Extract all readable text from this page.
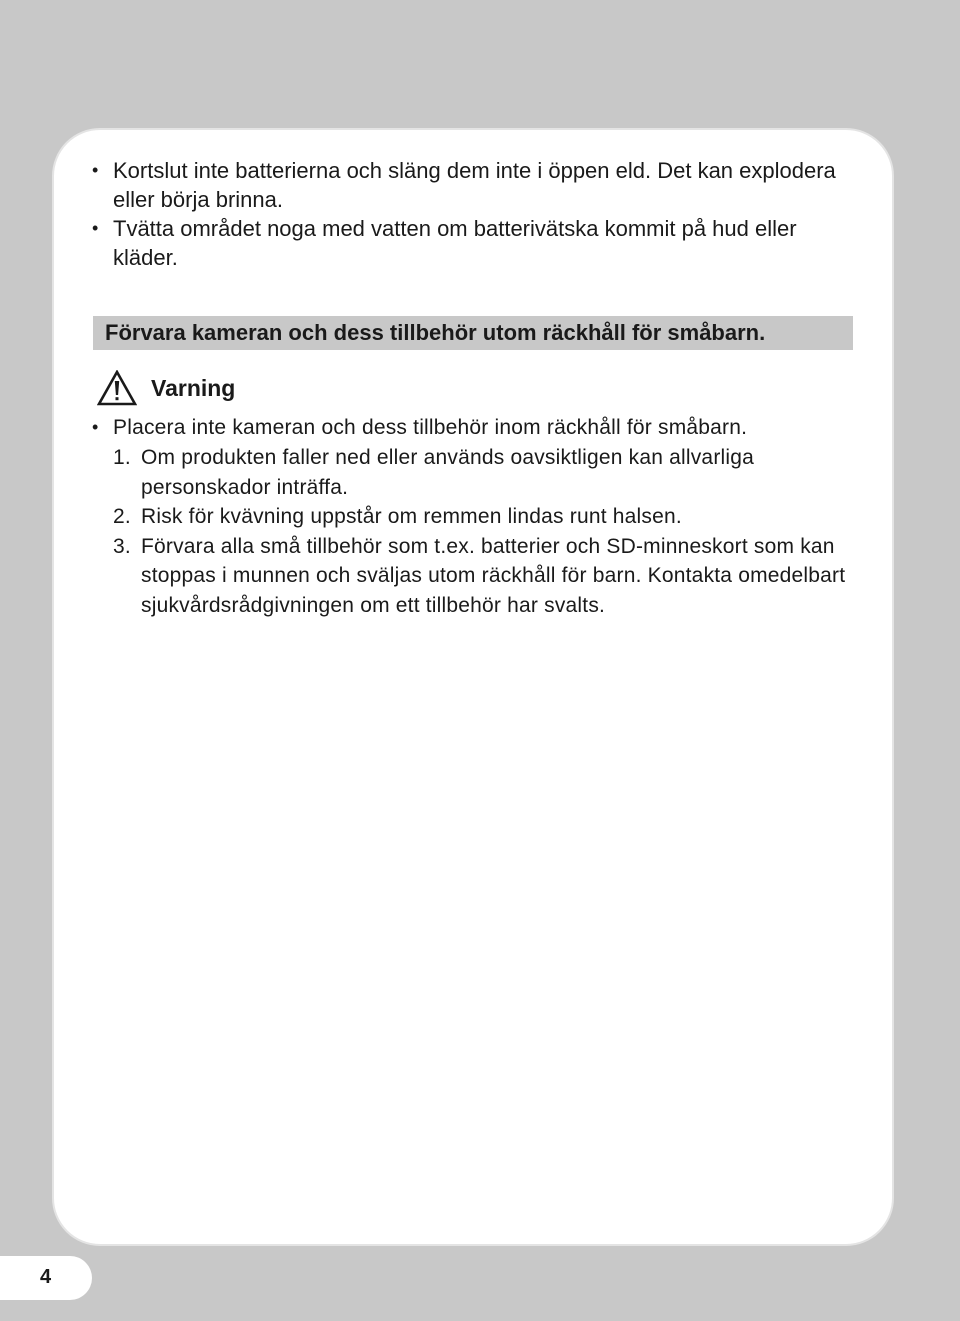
• Kortslut inte batterierna och släng dem inte i öppen eld. Det kan explodera eller börja brinna.
• Tvätta området noga med vatten om batterivätska kommit på hud eller kläder.
Förvara kameran och dess tillbehör utom räckhåll för småbarn.
Varning
• Placera inte kameran och dess tillbehör inom räckhåll för småbarn.
1. Om produkten faller ned eller används oavsiktligen kan allvarliga personskador inträffa.
2. Risk för kvävning uppstår om remmen lindas runt halsen.
3. Förvara alla små tillbehör som t.ex. batterier och SD-minneskort som kan stoppas i munnen och sväljas utom räckhåll för barn. Kontakta omedelbart sjukvårdsrådgivningen om ett tillbehör har svalts.
4
